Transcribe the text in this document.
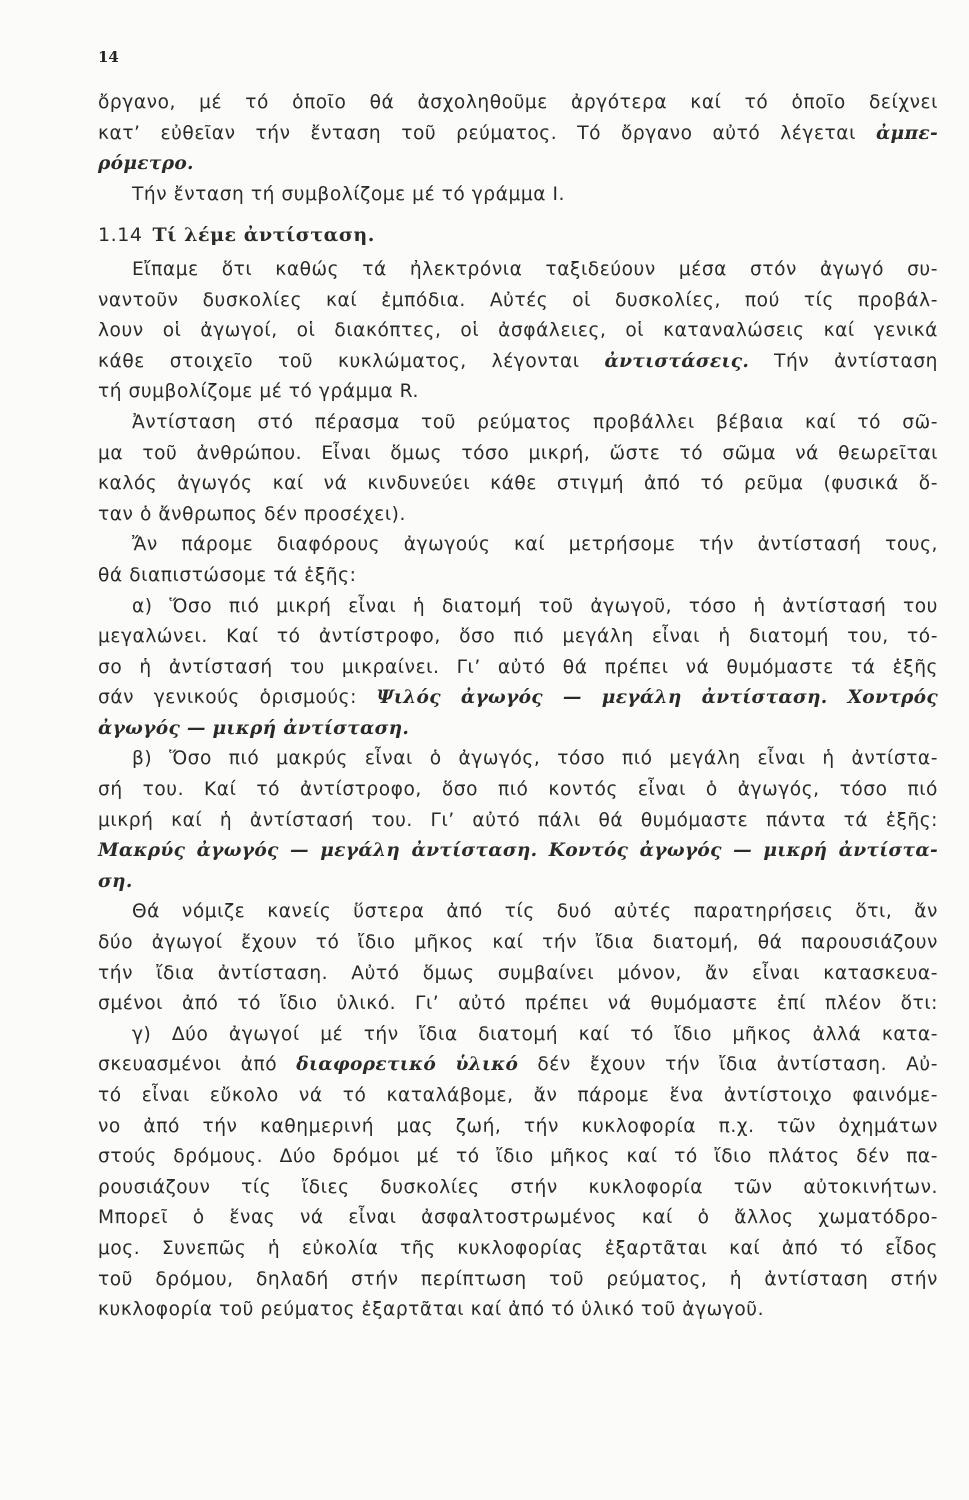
14
ὄργανο, μέ τό ὁποῖο θά ἀσχοληθοῦμε ἀργότερα καί τό ὁποῖο δείχνει
κατ’ εὐθεῖαν τήν ἔνταση τοῦ ρεύματος. Τό ὄργανο αὐτό λέγεται ἀμπε-
ρόμετρο.
Τήν ἔνταση τή συμβολίζομε μέ τό γράμμα I.
1.14 Τί λέμε ἀντίσταση.
Εἴπαμε ὅτι καθώς τά ἠλεκτρόνια ταξιδεύουν μέσα στόν ἀγωγό συ-
ναντοῦν δυσκολίες καί ἐμπόδια. Αὐτές οἱ δυσκολίες, πού τίς προβάλ-
λουν οἱ ἀγωγοί, οἱ διακόπτες, οἱ ἀσφάλειες, οἱ καταναλώσεις καί γενικά
κάθε στοιχεῖο τοῦ κυκλώματος, λέγονται ἀντιστάσεις. Τήν ἀντίσταση
τή συμβολίζομε μέ τό γράμμα R.
Ἀντίσταση στό πέρασμα τοῦ ρεύματος προβάλλει βέβαια καί τό σῶ-
μα τοῦ ἀνθρώπου. Εἶναι ὅμως τόσο μικρή, ὥστε τό σῶμα νά θεωρεῖται
καλός ἀγωγός καί νά κινδυνεύει κάθε στιγμή ἀπό τό ρεῦμα (φυσικά ὅ-
ταν ὁ ἄνθρωπος δέν προσέχει).
Ἄν πάρομε διαφόρους ἀγωγούς καί μετρήσομε τήν ἀντίστασή τους,
θά διαπιστώσομε τά ἑξῆς:
α) Ὅσο πιό μικρή εἶναι ἡ διατομή τοῦ ἀγωγοῦ, τόσο ἡ ἀντίστασή του
μεγαλώνει. Καί τό ἀντίστροφο, ὅσο πιό μεγάλη εἶναι ἡ διατομή του, τό-
σο ἡ ἀντίστασή του μικραίνει. Γι’ αὐτό θά πρέπει νά θυμόμαστε τά ἑξῆς
σάν γενικούς ὁρισμούς: Ψιλός ἀγωγός — μεγάλη ἀντίσταση. Χοντρός
ἀγωγός — μικρή ἀντίσταση.
β) Ὅσο πιό μακρύς εἶναι ὁ ἀγωγός, τόσο πιό μεγάλη εἶναι ἡ ἀντίστα-
σή του. Καί τό ἀντίστροφο, ὅσο πιό κοντός εἶναι ὁ ἀγωγός, τόσο πιό
μικρή καί ἡ ἀντίστασή του. Γι’ αὐτό πάλι θά θυμόμαστε πάντα τά ἑξῆς:
Μακρύς ἀγωγός — μεγάλη ἀντίσταση. Κοντός ἀγωγός — μικρή ἀντίστα-
ση.
Θά νόμιζε κανείς ὕστερα ἀπό τίς δυό αὐτές παρατηρήσεις ὅτι, ἄν
δύο ἀγωγοί ἔχουν τό ἴδιο μῆκος καί τήν ἴδια διατομή, θά παρουσιάζουν
τήν ἴδια ἀντίσταση. Αὐτό ὅμως συμβαίνει μόνον, ἄν εἶναι κατασκευα-
σμένοι ἀπό τό ἴδιο ὑλικό. Γι’ αὐτό πρέπει νά θυμόμαστε ἐπί πλέον ὅτι:
γ) Δύο ἀγωγοί μέ τήν ἴδια διατομή καί τό ἴδιο μῆκος ἀλλά κατα-
σκευασμένοι ἀπό διαφορετικό ὑλικό δέν ἔχουν τήν ἴδια ἀντίσταση. Αὐ-
τό εἶναι εὔκολο νά τό καταλάβομε, ἄν πάρομε ἕνα ἀντίστοιχο φαινόμε-
νο ἀπό τήν καθημερινή μας ζωή, τήν κυκλοφορία π.χ. τῶν ὀχημάτων
στούς δρόμους. Δύο δρόμοι μέ τό ἴδιο μῆκος καί τό ἴδιο πλάτος δέν πα-
ρουσιάζουν τίς ἴδιες δυσκολίες στήν κυκλοφορία τῶν αὐτοκινήτων.
Μπορεῖ ὁ ἕνας νά εἶναι ἀσφαλτοστρωμένος καί ὁ ἄλλος χωματόδρο-
μος. Συνεπῶς ἡ εὐκολία τῆς κυκλοφορίας ἐξαρτᾶται καί ἀπό τό εἶδος
τοῦ δρόμου, δηλαδή στήν περίπτωση τοῦ ρεύματος, ἡ ἀντίσταση στήν
κυκλοφορία τοῦ ρεύματος ἐξαρτᾶται καί ἀπό τό ὑλικό τοῦ ἀγωγοῦ.
